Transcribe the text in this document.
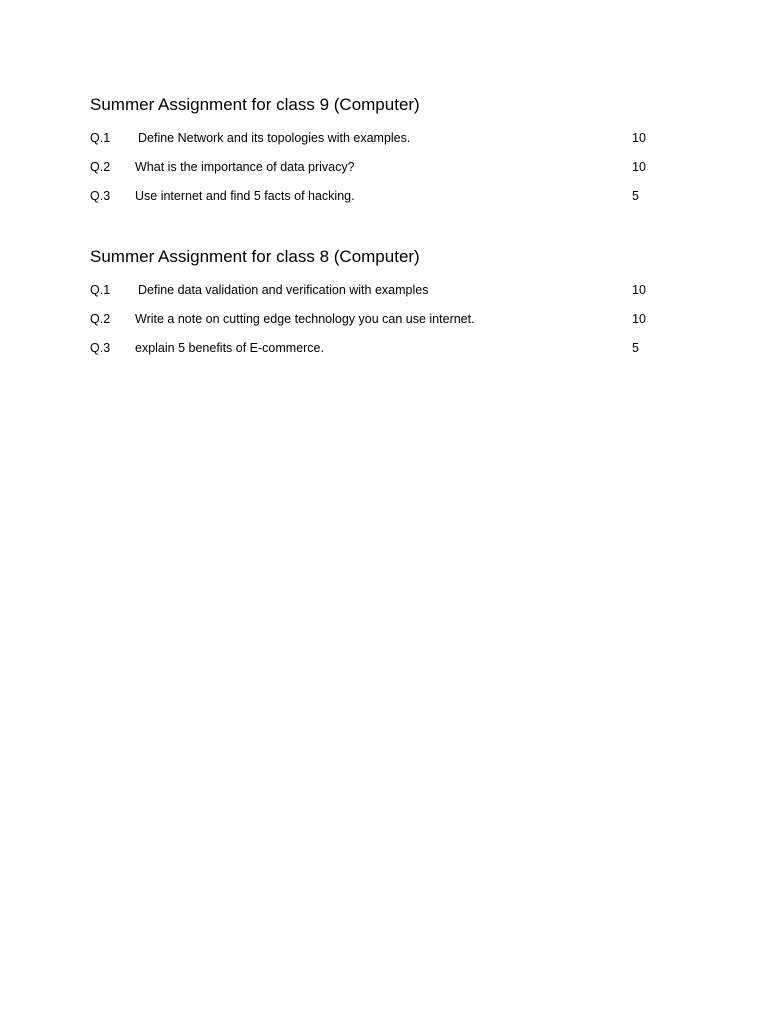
Summer Assignment for class 9 (Computer)
Q.1 Define Network and its topologies with examples.	10
Q.2 What is the importance of data privacy?	10
Q.3 Use internet and find 5 facts of hacking.	5
Summer Assignment for class 8 (Computer)
Q.1 Define data validation and verification with examples	10
Q.2 Write a note on cutting edge technology you can use internet.	10
Q.3 explain 5 benefits of E-commerce.	5
